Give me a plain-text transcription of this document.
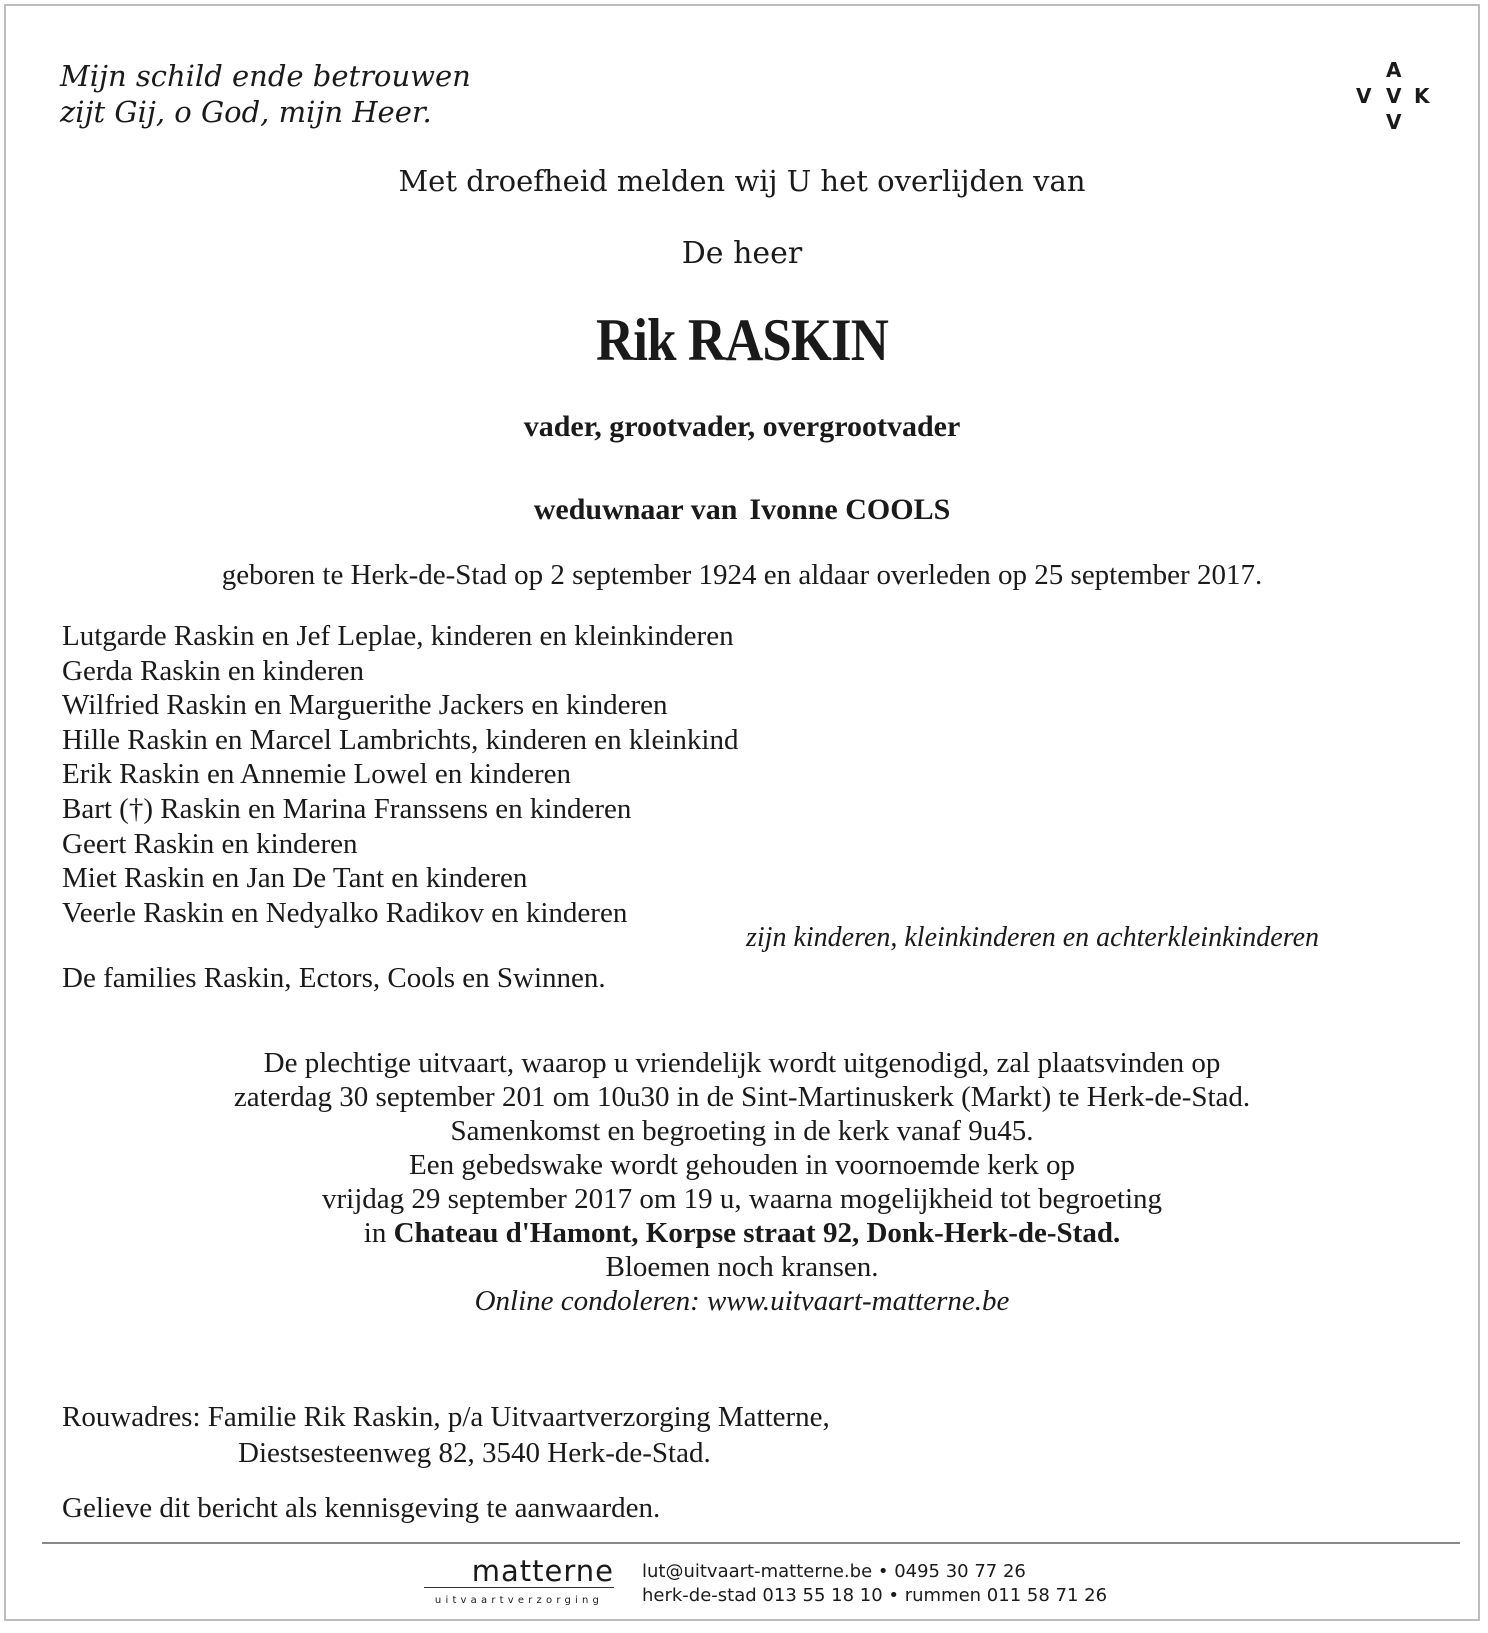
Mijn schild ende betrouwen
zijt Gij, o God, mijn Heer.
A
V V K
V
Met droefheid melden wij U het overlijden van
De heer
Rik RASKIN
vader, grootvader, overgrootvader
weduwnaar van Ivonne COOLS
geboren te Herk-de-Stad op 2 september 1924 en aldaar overleden op 25 september 2017.
Lutgarde Raskin en Jef Leplae, kinderen en kleinkinderen
Gerda Raskin en kinderen
Wilfried Raskin en Marguerithe Jackers en kinderen
Hille Raskin en Marcel Lambrichts, kinderen en kleinkind
Erik Raskin en Annemie Lowel en kinderen
Bart (†) Raskin en Marina Franssens en kinderen
Geert Raskin en kinderen
Miet Raskin en Jan De Tant en kinderen
Veerle Raskin en Nedyalko Radikov en kinderen
zijn kinderen, kleinkinderen en achterkleinkinderen
De families Raskin, Ectors, Cools en Swinnen.
De plechtige uitvaart, waarop u vriendelijk wordt uitgenodigd, zal plaatsvinden op
zaterdag 30 september 201 om 10u30 in de Sint-Martinuskerk (Markt) te Herk-de-Stad.
Samenkomst en begroeting in de kerk vanaf 9u45.
Een gebedswake wordt gehouden in voornoemde kerk op
vrijdag 29 september 2017 om 19 u, waarna mogelijkheid tot begroeting
in Chateau d'Hamont, Korpse straat 92, Donk-Herk-de-Stad.
Bloemen noch kransen.
Online condoleren: www.uitvaart-matterne.be
Rouwadres: Familie Rik Raskin, p/a Uitvaartverzorging Matterne,
Diestsesteenweg 82, 3540 Herk-de-Stad.
Gelieve dit bericht als kennisgeving te aanwaarden.
matterne
uitvaartverzorging
lut@uitvaart-matterne.be • 0495 30 77 26
herk-de-stad 013 55 18 10 • rummen 011 58 71 26
